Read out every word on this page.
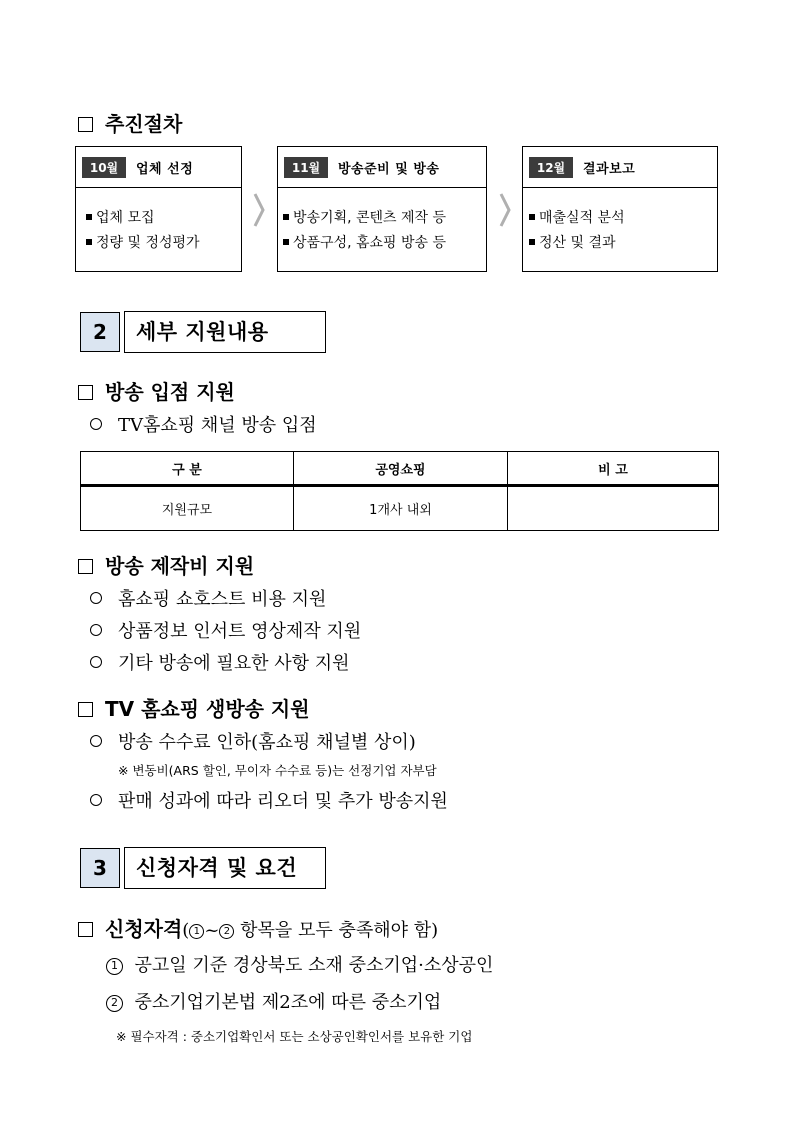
추진절차
10월	업체 선정
업체 모집
정량 및 정성평가
11월	방송준비 및 방송
방송기획, 콘텐츠 제작 등
상품구성, 홈쇼핑 방송 등
12월	결과보고
매출실적 분석
정산 및 결과
2	세부 지원내용
방송 입점 지원
TV홈쇼핑 채널 방송 입점
구 분	공영쇼핑	비 고
지원규모	1개사 내외	
방송 제작비 지원
홈쇼핑 쇼호스트 비용 지원
상품정보 인서트 영상제작 지원
기타 방송에 필요한 사항 지원
TV 홈쇼핑 생방송 지원
방송 수수료 인하(홈쇼핑 채널별 상이)
※ 변동비(ARS 할인, 무이자 수수료 등)는 선정기업 자부담
판매 성과에 따라 리오더 및 추가 방송지원
3	신청자격 및 요건
신청자격( 1 ~ 2 항목을 모두 충족해야 함)
1 공고일 기준 경상북도 소재 중소기업·소상공인
2 중소기업기본법 제2조에 따른 중소기업
※ 필수자격 : 중소기업확인서 또는 소상공인확인서를 보유한 기업
